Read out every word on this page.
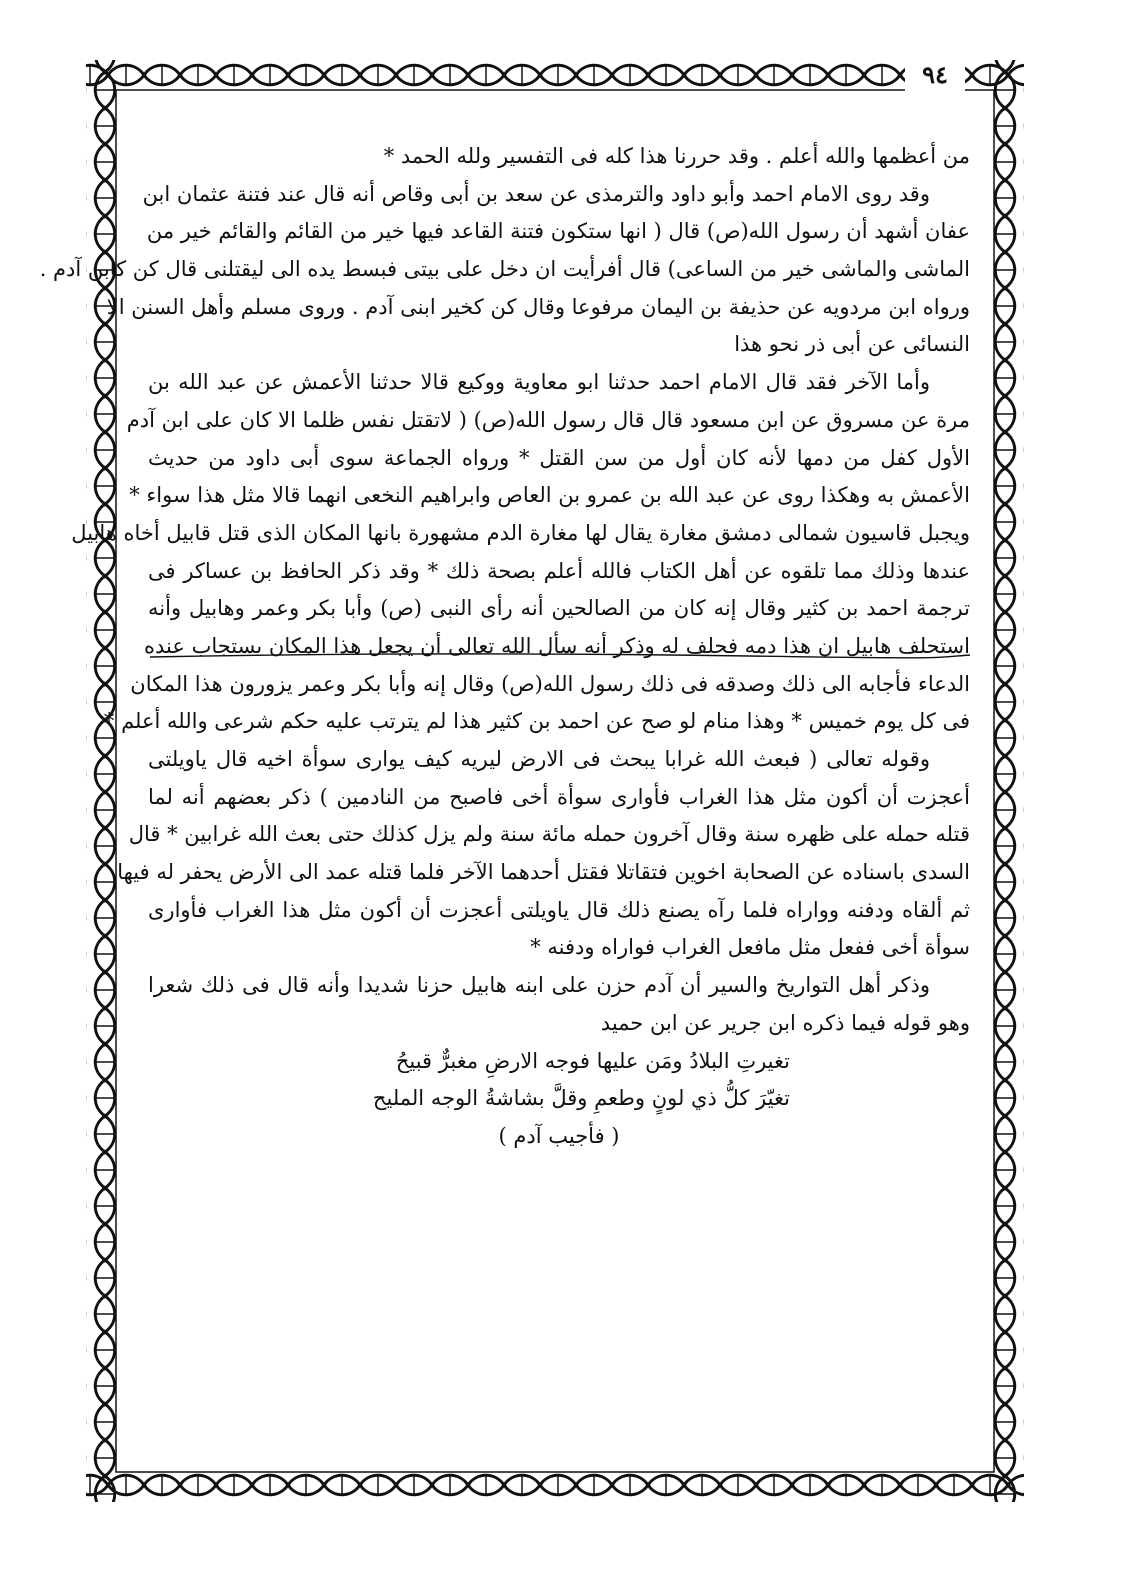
٩٤
من أعظمها والله أعلم . وقد حررنا هذا كله فى التفسير ولله الحمد *
وقد روى الامام احمد وأبو داود والترمذى عن سعد بن أبى وقاص أنه قال عند فتنة عثمان ابن
عفان أشهد أن رسول الله(ص) قال ( انها ستكون فتنة القاعد فيها خير من القائم والقائم خير من
الماشى والماشى خير من الساعى) قال أفرأيت ان دخل على بيتى فبسط يده الى ليقتلنى قال كن كابن آدم .
ورواه ابن مردويه عن حذيفة بن اليمان مرفوعا وقال كن كخير ابنى آدم . وروى مسلم وأهل السنن الا
النسائى عن أبى ذر نحو هذا
وأما الآخر فقد قال الامام احمد حدثنا ابو معاوية ووكيع قالا حدثنا الأعمش عن عبد الله بن
مرة عن مسروق عن ابن مسعود قال قال رسول الله(ص) ( لاتقتل نفس ظلما الا كان على ابن آدم
الأول كفل من دمها لأنه كان أول من سن القتل * ورواه الجماعة سوى أبى داود من حديث
الأعمش به وهكذا روى عن عبد الله بن عمرو بن العاص وابراهيم النخعى انهما قالا مثل هذا سواء *
ويجبل قاسيون شمالى دمشق مغارة يقال لها مغارة الدم مشهورة بانها المكان الذى قتل قابيل أخاه هابيل
عندها وذلك مما تلقوه عن أهل الكتاب فالله أعلم بصحة ذلك * وقد ذكر الحافظ بن عساكر فى
ترجمة احمد بن كثير وقال إنه كان من الصالحين أنه رأى النبى (ص) وأبا بكر وعمر وهابيل وأنه
استحلف هابيل ان هذا دمه فحلف له وذكر أنه سأل الله تعالى أن يجعل هذا المكان يستجاب عنده
الدعاء فأجابه الى ذلك وصدقه فى ذلك رسول الله(ص) وقال إنه وأبا بكر وعمر يزورون هذا المكان
فى كل يوم خميس * وهذا منام لو صح عن احمد بن كثير هذا لم يترتب عليه حكم شرعى والله أعلم *
وقوله تعالى ( فبعث الله غرابا يبحث فى الارض ليريه كيف يوارى سوأة اخيه قال ياويلتى
أعجزت أن أكون مثل هذا الغراب فأوارى سوأة أخى فاصبح من النادمين ) ذكر بعضهم أنه لما
قتله حمله على ظهره سنة وقال آخرون حمله مائة سنة ولم يزل كذلك حتى بعث الله غرابين * قال
السدى باسناده عن الصحابة اخوين فتقاتلا فقتل أحدهما الآخر فلما قتله عمد الى الأرض يحفر له فيها
ثم ألقاه ودفنه وواراه فلما رآه يصنع ذلك قال ياويلتى أعجزت أن أكون مثل هذا الغراب فأوارى
سوأة أخى ففعل مثل مافعل الغراب فواراه ودفنه *
وذكر أهل التواريخ والسير أن آدم حزن على ابنه هابيل حزنا شديدا وأنه قال فى ذلك شعرا
وهو قوله فيما ذكره ابن جرير عن ابن حميد
تغيرتِ البلادُ ومَن عليها فوجه الارضِ مغبرٌّ قبيحُ
تغيّرَ كلُّ ذي لونٍ وطعمِ وقلَّ بشاشةُ الوجه المليح
( فأجيب آدم )
